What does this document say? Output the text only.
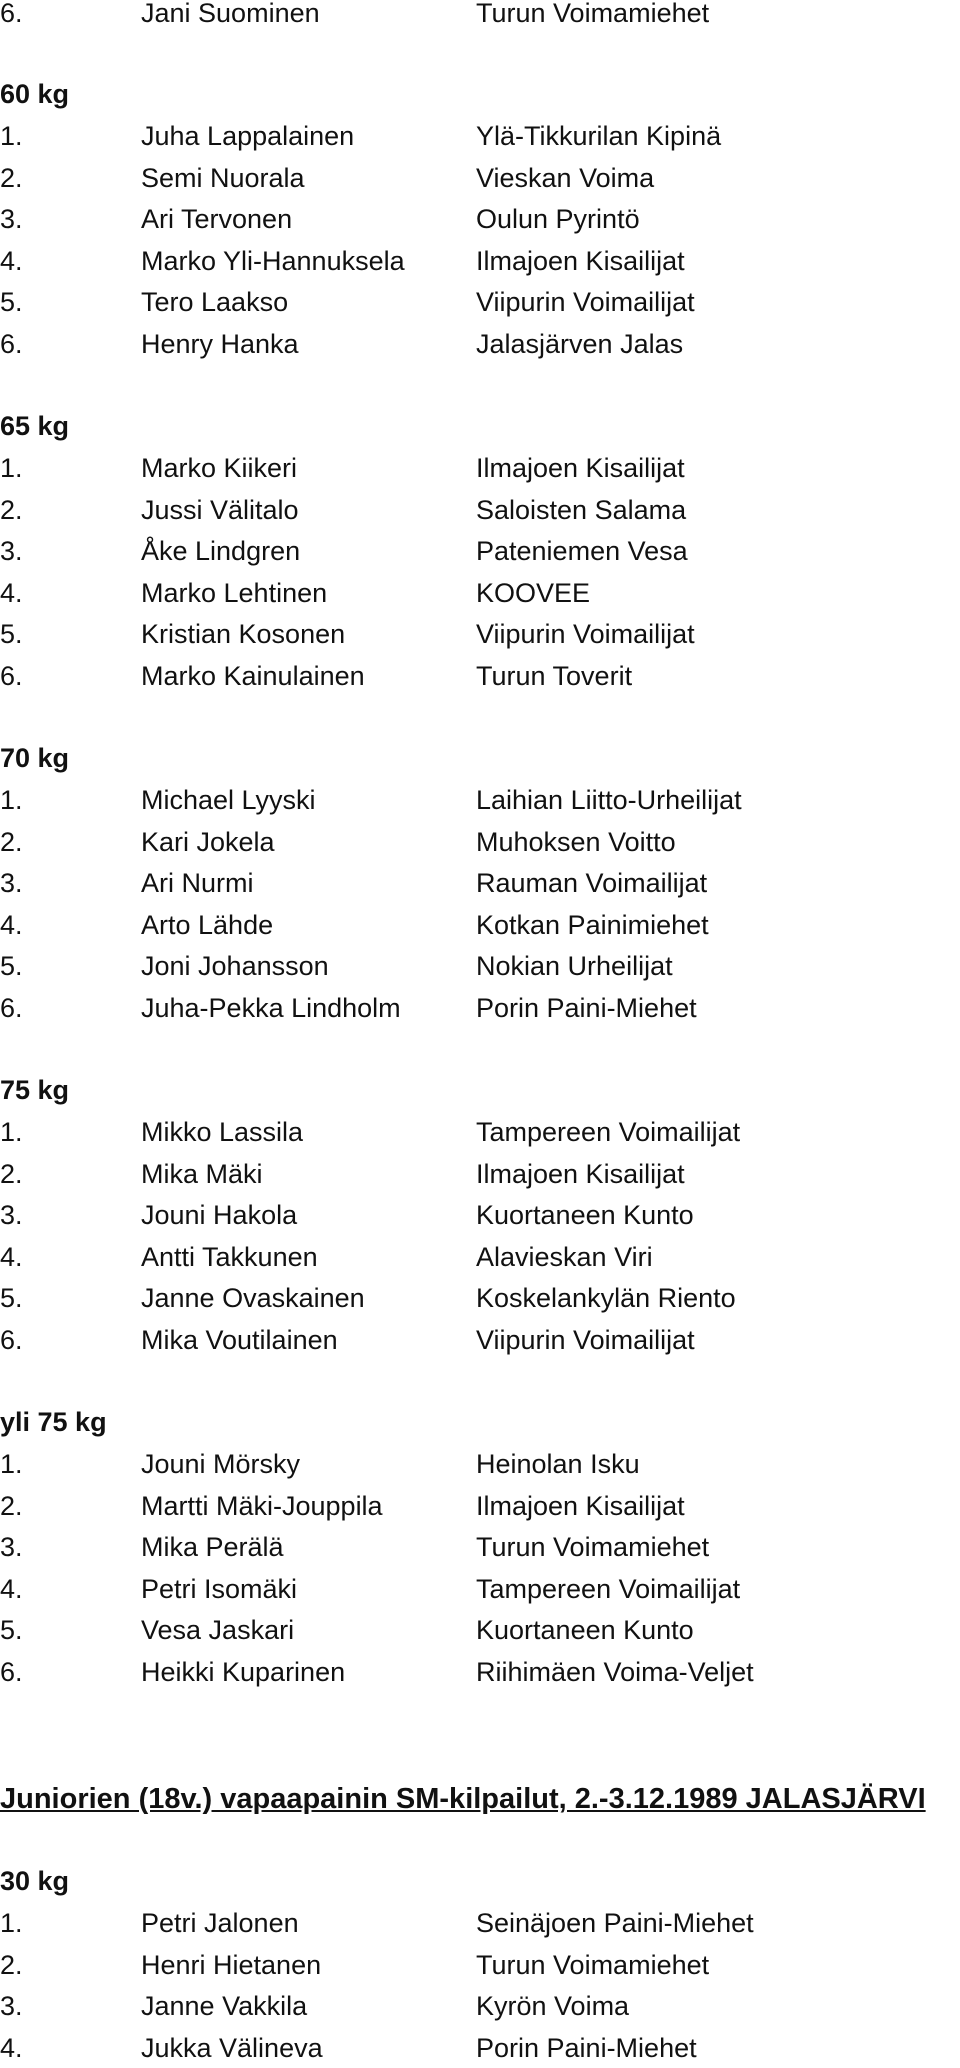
6.	Jani Suominen	Turun Voimamiehet
60 kg
1.	Juha Lappalainen	Ylä-Tikkurilan Kipinä
2.	Semi Nuorala	Vieskan Voima
3.	Ari Tervonen	Oulun Pyrintö
4.	Marko Yli-Hannuksela	Ilmajoen Kisailijat
5.	Tero Laakso	Viipurin Voimailijat
6.	Henry Hanka	Jalasjärven Jalas
65 kg
1.	Marko Kiikeri	Ilmajoen Kisailijat
2.	Jussi Välitalo	Saloisten Salama
3.	Åke Lindgren	Pateniemen Vesa
4.	Marko Lehtinen	KOOVEE
5.	Kristian Kosonen	Viipurin Voimailijat
6.	Marko Kainulainen	Turun Toverit
70 kg
1.	Michael Lyyski	Laihian Liitto-Urheilijat
2.	Kari Jokela	Muhoksen Voitto
3.	Ari Nurmi	Rauman Voimailijat
4.	Arto Lähde	Kotkan Painimiehet
5.	Joni Johansson	Nokian Urheilijat
6.	Juha-Pekka Lindholm	Porin Paini-Miehet
75 kg
1.	Mikko Lassila	Tampereen Voimailijat
2.	Mika Mäki	Ilmajoen Kisailijat
3.	Jouni Hakola	Kuortaneen Kunto
4.	Antti Takkunen	Alavieskan Viri
5.	Janne Ovaskainen	Koskelankylän Riento
6.	Mika Voutilainen	Viipurin Voimailijat
yli 75 kg
1.	Jouni Mörsky	Heinolan Isku
2.	Martti Mäki-Jouppila	Ilmajoen Kisailijat
3.	Mika Perälä	Turun Voimamiehet
4.	Petri Isomäki	Tampereen Voimailijat
5.	Vesa Jaskari	Kuortaneen Kunto
6.	Heikki Kuparinen	Riihimäen Voima-Veljet
Juniorien (18v.) vapaapainin SM-kilpailut, 2.-3.12.1989 JALASJÄRVI
30 kg
1.	Petri Jalonen	Seinäjoen Paini-Miehet
2.	Henri Hietanen	Turun Voimamiehet
3.	Janne Vakkila	Kyrön Voima
4.	Jukka Välineva	Porin Paini-Miehet
